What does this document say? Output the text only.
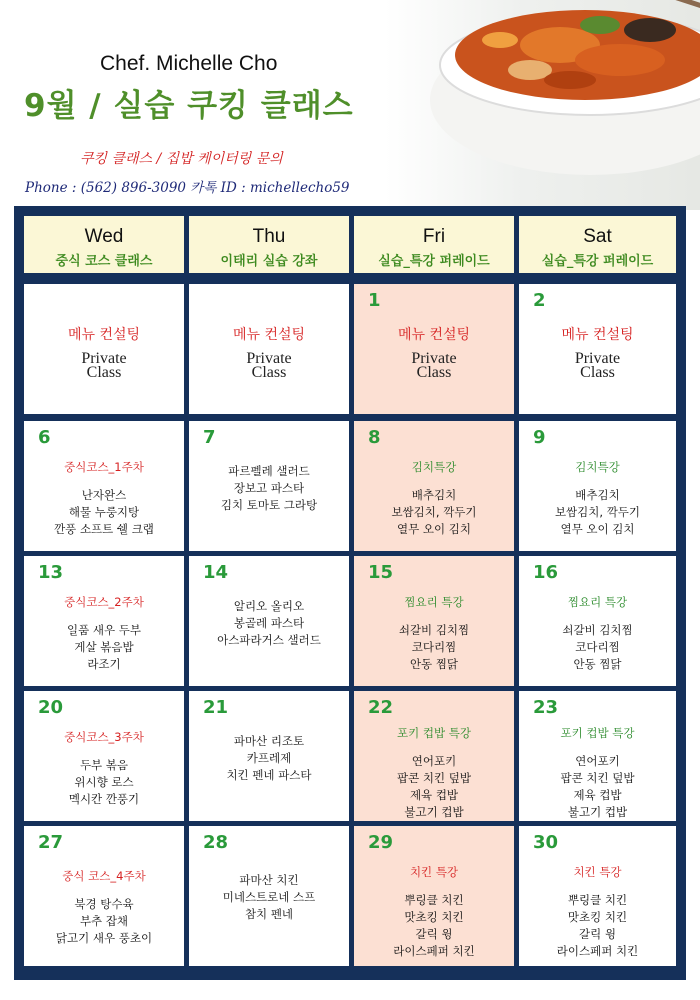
Chef. Michelle Cho
9월 / 실습 쿠킹 클래스
쿠킹 클래스 / 집밥 케이터링 문의
Phone : (562) 896-3090 카톡 ID : michellecho59
Wed
중식 코스 클래스
Thu
이태리 실습 강좌
Fri
실습_특강 퍼레이드
Sat
실습_특강 퍼레이드
메뉴 컨설팅
Private
Class
메뉴 컨설팅
Private
Class
1
메뉴 컨설팅
Private
Class
2
메뉴 컨설팅
Private
Class
6
중식코스_1주차
난자완스
해물 누룽지탕
깐풍 소프트 쉘 크랩
7
파르펠레 샐러드
장보고 파스타
김치 토마토 그라탕
8
김치특강
배추김치
보쌈김치, 깍두기
열무 오이 김치
9
김치특강
배추김치
보쌈김치, 깍두기
열무 오이 김치
13
중식코스_2주차
일품 새우 두부
게살 볶음밥
라조기
14
알리오 올리오
봉골레 파스타
아스파라거스 샐러드
15
찜요리 특강
쇠갈비 김치찜
코다리찜
안동 찜닭
16
찜요리 특강
쇠갈비 김치찜
코다리찜
안동 찜닭
20
중식코스_3주차
두부 볶음
위시향 로스
멕시칸 깐풍기
21
파마산 리조토
카프레제
치킨 펜네 파스타
22
포키 컵밥 특강
연어포키
팝콘 치킨 덮밥
제육 컵밥
불고기 컵밥
23
포키 컵밥 특강
연어포키
팝콘 치킨 덮밥
제육 컵밥
불고기 컵밥
27
중식 코스_4주차
북경 탕수육
부추 잡채
닭고기 새우 풍초이
28
파마산 치킨
미네스트로네 스프
참치 펜네
29
치킨 특강
뿌링클 치킨
맛초킹 치킨
갈릭 윙
라이스페퍼 치킨
30
치킨 특강
뿌링클 치킨
맛초킹 치킨
갈릭 윙
라이스페퍼 치킨
